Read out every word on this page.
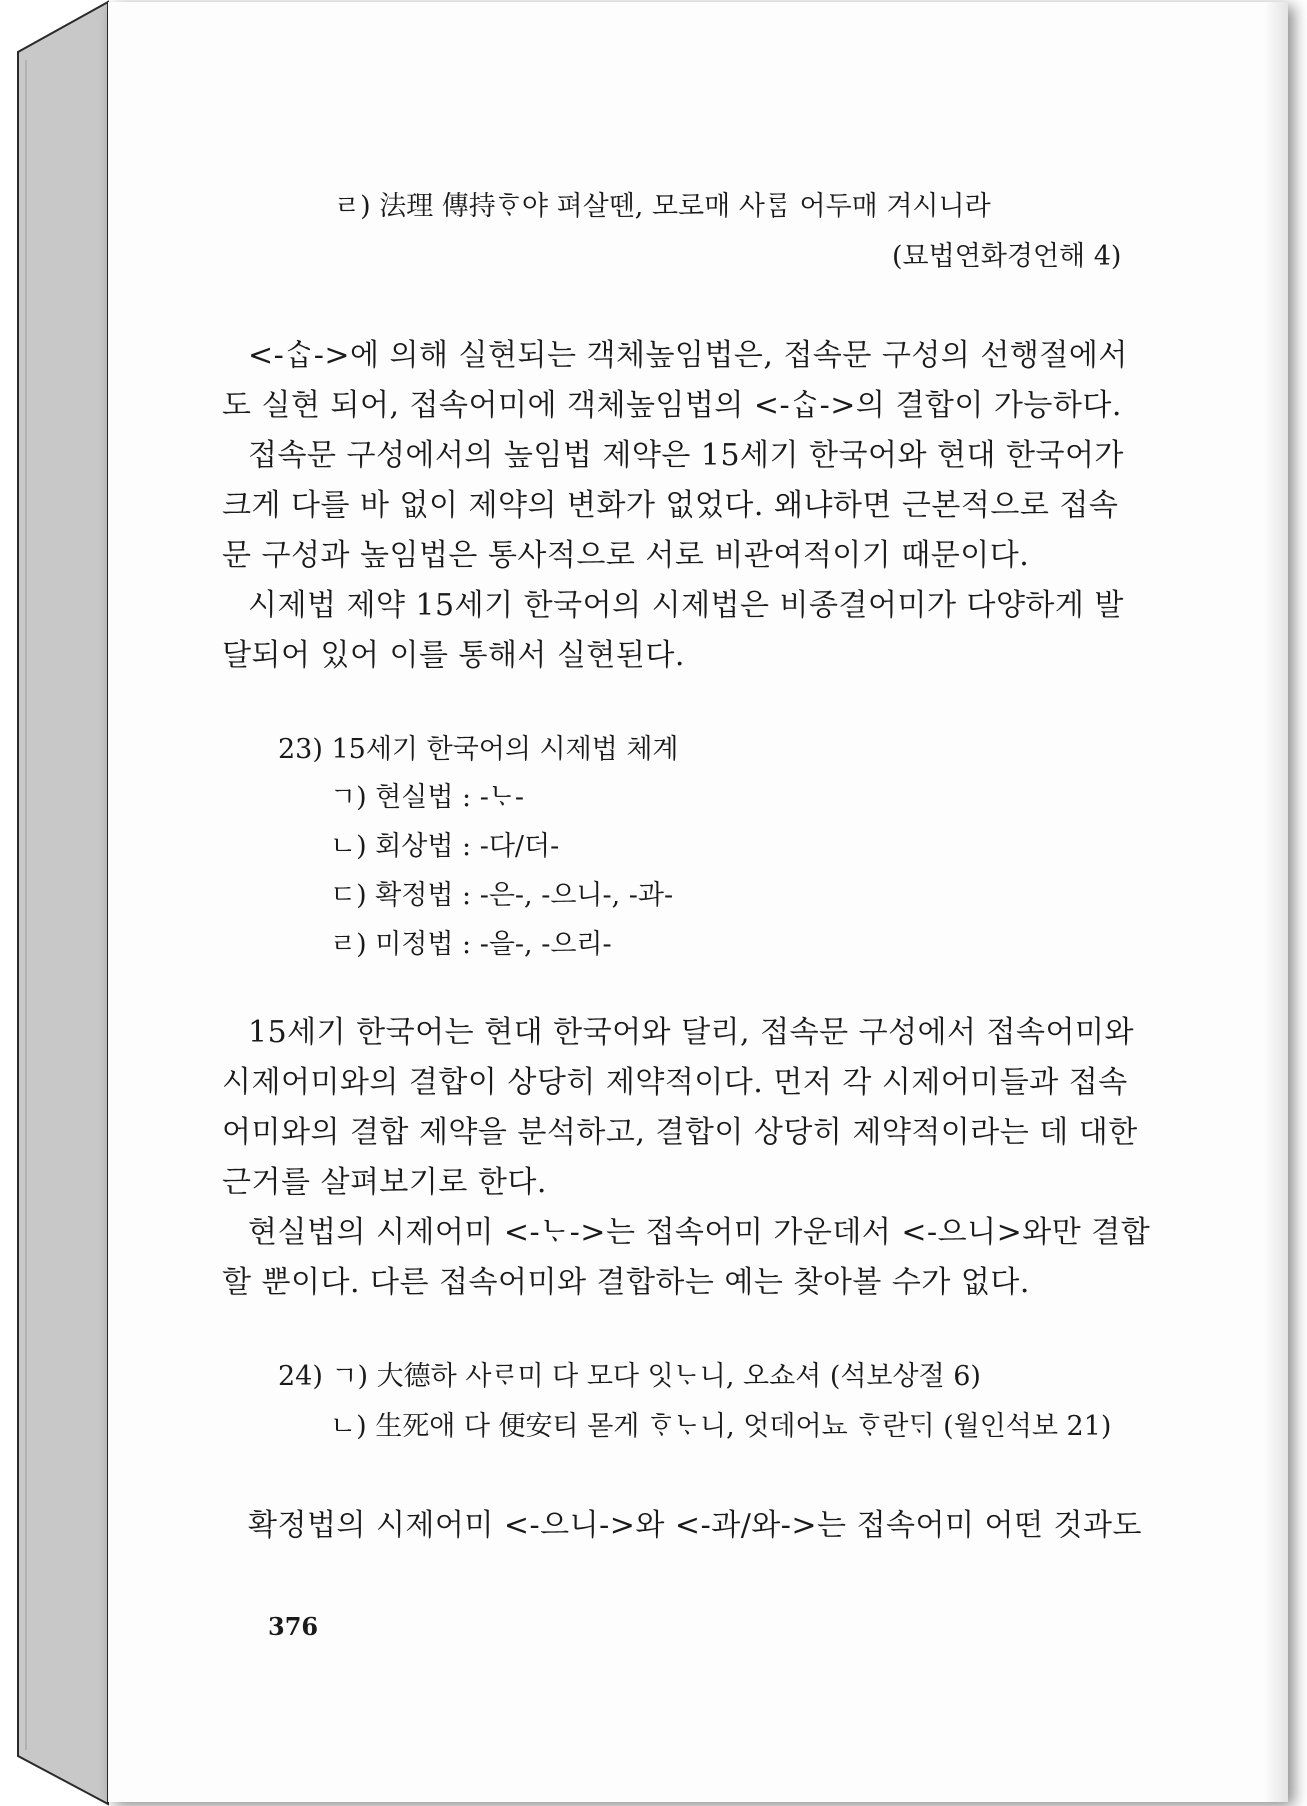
ㄹ) 法理 傳持ᄒᆞ야 펴살뗀, 모로매 사ᄅᆞᆷ 어두매 겨시니라
(묘법연화경언해 4)
<-ᄉᆞᆸ->에 의해 실현되는 객체높임법은, 접속문 구성의 선행절에서
도 실현 되어, 접속어미에 객체높임법의 <-ᄉᆞᆸ->의 결합이 가능하다.
접속문 구성에서의 높임법 제약은 15세기 한국어와 현대 한국어가
크게 다를 바 없이 제약의 변화가 없었다. 왜냐하면 근본적으로 접속
문 구성과 높임법은 통사적으로 서로 비관여적이기 때문이다.
시제법 제약 15세기 한국어의 시제법은 비종결어미가 다양하게 발
달되어 있어 이를 통해서 실현된다.
23) 15세기 한국어의 시제법 체계
ㄱ) 현실법 : -ᄂᆞ-
ㄴ) 회상법 : -다/더-
ㄷ) 확정법 : -은-, -으니-, -과-
ㄹ) 미정법 : -을-, -으리-
15세기 한국어는 현대 한국어와 달리, 접속문 구성에서 접속어미와
시제어미와의 결합이 상당히 제약적이다. 먼저 각 시제어미들과 접속
어미와의 결합 제약을 분석하고, 결합이 상당히 제약적이라는 데 대한
근거를 살펴보기로 한다.
현실법의 시제어미 <-ᄂᆞ->는 접속어미 가운데서 <-으니>와만 결합
할 뿐이다. 다른 접속어미와 결합하는 예는 찾아볼 수가 없다.
24) ㄱ) 大德하 사ᄅᆞ미 다 모다 잇ᄂᆞ니, 오쇼셔 (석보상절 6)
ㄴ) 生死애 다 便安티 몯게 ᄒᆞᄂᆞ니, 엇데어뇨 ᄒᆞ란ᄃᆡ (월인석보 21)
확정법의 시제어미 <-으니->와 <-과/와->는 접속어미 어떤 것과도
376
